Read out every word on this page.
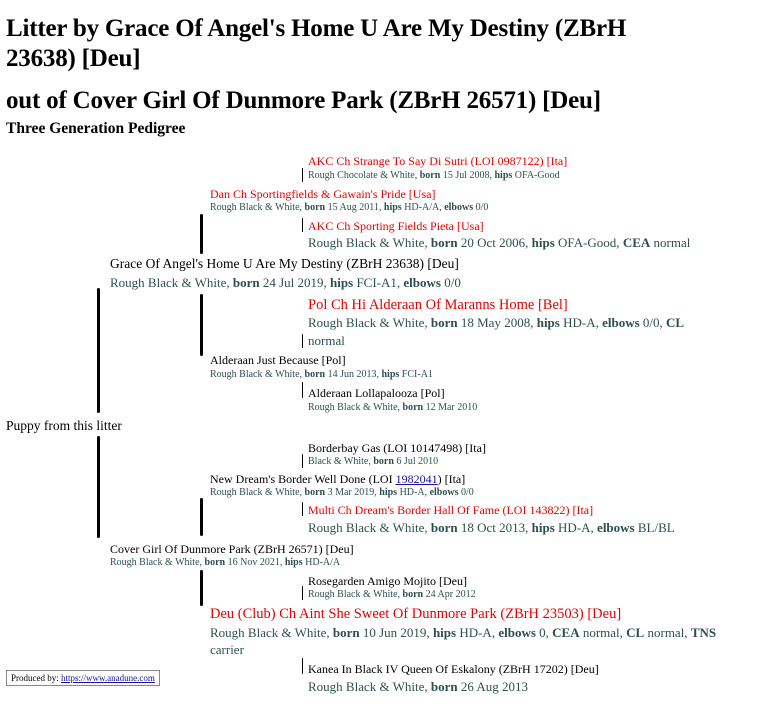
Litter by Grace Of Angel's Home U Are My Destiny (ZBrH
23638) [Deu]
out of Cover Girl Of Dunmore Park (ZBrH 26571) [Deu]
Three Generation Pedigree
AKC Ch Strange To Say Di Sutri (LOI 0987122) [Ita]
Rough Chocolate & White, born 15 Jul 2008, hips OFA-Good
Dan Ch Sportingfields & Gawain's Pride [Usa]
Rough Black & White, born 15 Aug 2011, hips HD-A/A, elbows 0/0
AKC Ch Sporting Fields Pieta [Usa]
Rough Black & White, born 20 Oct 2006, hips OFA-Good, CEA normal
Grace Of Angel's Home U Are My Destiny (ZBrH 23638) [Deu]
Rough Black & White, born 24 Jul 2019, hips FCI-A1, elbows 0/0
Pol Ch Hi Alderaan Of Maranns Home [Bel]
Rough Black & White, born 18 May 2008, hips HD-A, elbows 0/0, CL
normal
Alderaan Just Because [Pol]
Rough Black & White, born 14 Jun 2013, hips FCI-A1
Alderaan Lollapalooza [Pol]
Rough Black & White, born 12 Mar 2010
Puppy from this litter
Borderbay Gas (LOI 10147498) [Ita]
Black & White, born 6 Jul 2010
New Dream's Border Well Done (LOI 1982041) [Ita]
Rough Black & White, born 3 Mar 2019, hips HD-A, elbows 0/0
Multi Ch Dream's Border Hall Of Fame (LOI 143822) [Ita]
Rough Black & White, born 18 Oct 2013, hips HD-A, elbows BL/BL
Cover Girl Of Dunmore Park (ZBrH 26571) [Deu]
Rough Black & White, born 16 Nov 2021, hips HD-A/A
Rosegarden Amigo Mojito [Deu]
Rough Black & White, born 24 Apr 2012
Deu (Club) Ch Aint She Sweet Of Dunmore Park (ZBrH 23503) [Deu]
Rough Black & White, born 10 Jun 2019, hips HD-A, elbows 0, CEA normal, CL normal, TNS
carrier
Kanea In Black IV Queen Of Eskalony (ZBrH 17202) [Deu]
Rough Black & White, born 26 Aug 2013
Produced by: https://www.anadune.com
